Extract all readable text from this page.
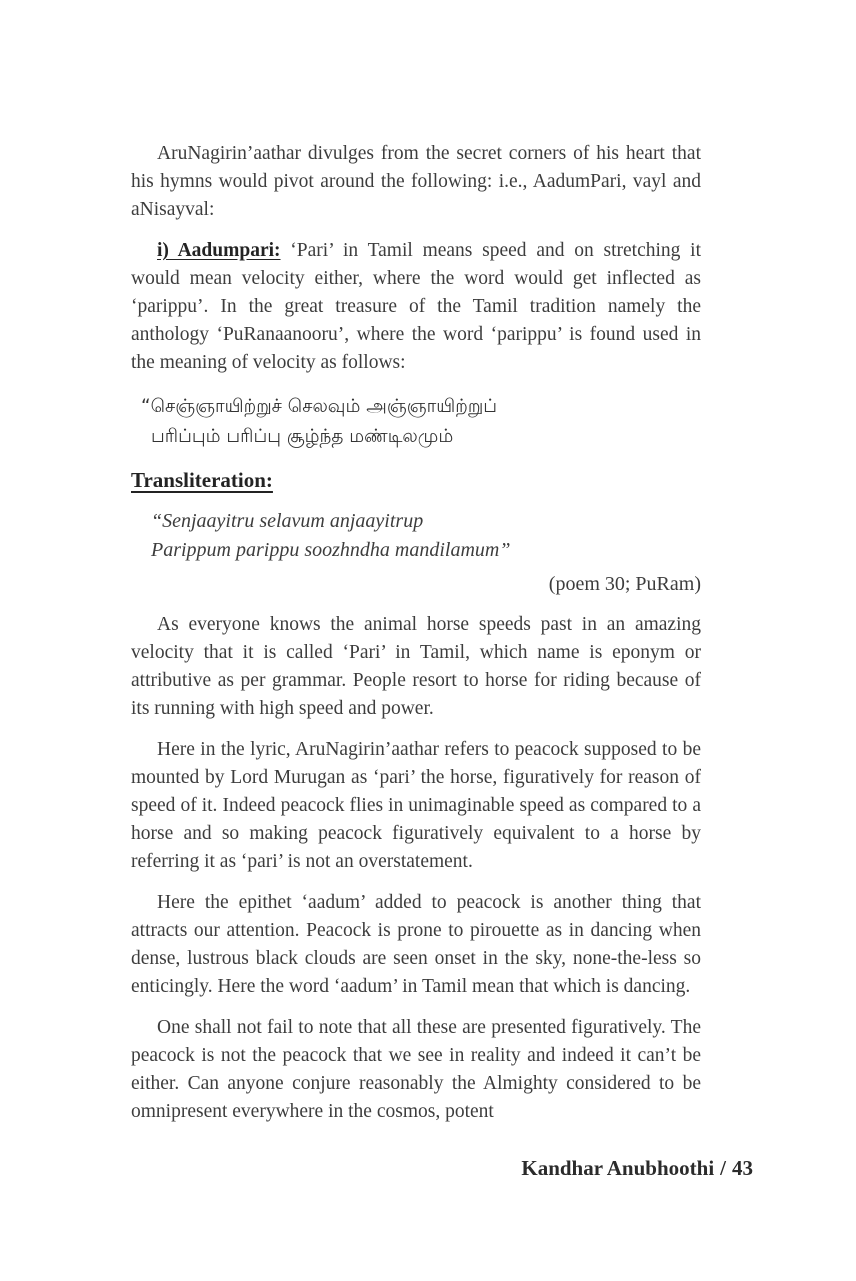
AruNagirin’aathar divulges from the secret corners of his heart that his hymns would pivot around the following: i.e., AadumPari, vayl and aNisayval:

i) Aadumpari: ‘Pari’ in Tamil means speed and on stretching it would mean velocity either, where the word would get inflected as ‘parippu’. In the great treasure of the Tamil tradition namely the anthology ‘PuRanaanooru’, where the word ‘parippu’ is found used in the meaning of velocity as follows:

“செஞ்ஞாயிற்றுச் செலவும் அஞ்ஞாயிற்றுப்
பரிப்பும் பரிப்பு சூழ்ந்த மண்டிலமும்
Transliteration:
“Senjaayitru selavum anjaayitrup
Parippum parippu soozhndha mandilamum”
(poem 30; PuRam)

As everyone knows the animal horse speeds past in an amazing velocity that it is called ‘Pari’ in Tamil, which name is eponym or attributive as per grammar. People resort to horse for riding because of its running with high speed and power.

Here in the lyric, AruNagirin’aathar refers to peacock supposed to be mounted by Lord Murugan as ‘pari’ the horse, figuratively for reason of speed of it. Indeed peacock flies in unimaginable speed as compared to a horse and so making peacock figuratively equivalent to a horse by referring it as ‘pari’ is not an overstatement.

Here the epithet ‘aadum’ added to peacock is another thing that attracts our attention. Peacock is prone to pirouette as in dancing when dense, lustrous black clouds are seen onset in the sky, none-the-less so enticingly. Here the word ‘aadum’ in Tamil mean that which is dancing.

One shall not fail to note that all these are presented figuratively. The peacock is not the peacock that we see in reality and indeed it can’t be either. Can anyone conjure reasonably the Almighty considered to be omnipresent everywhere in the cosmos, potent

Kandhar Anubhoothi / 43
